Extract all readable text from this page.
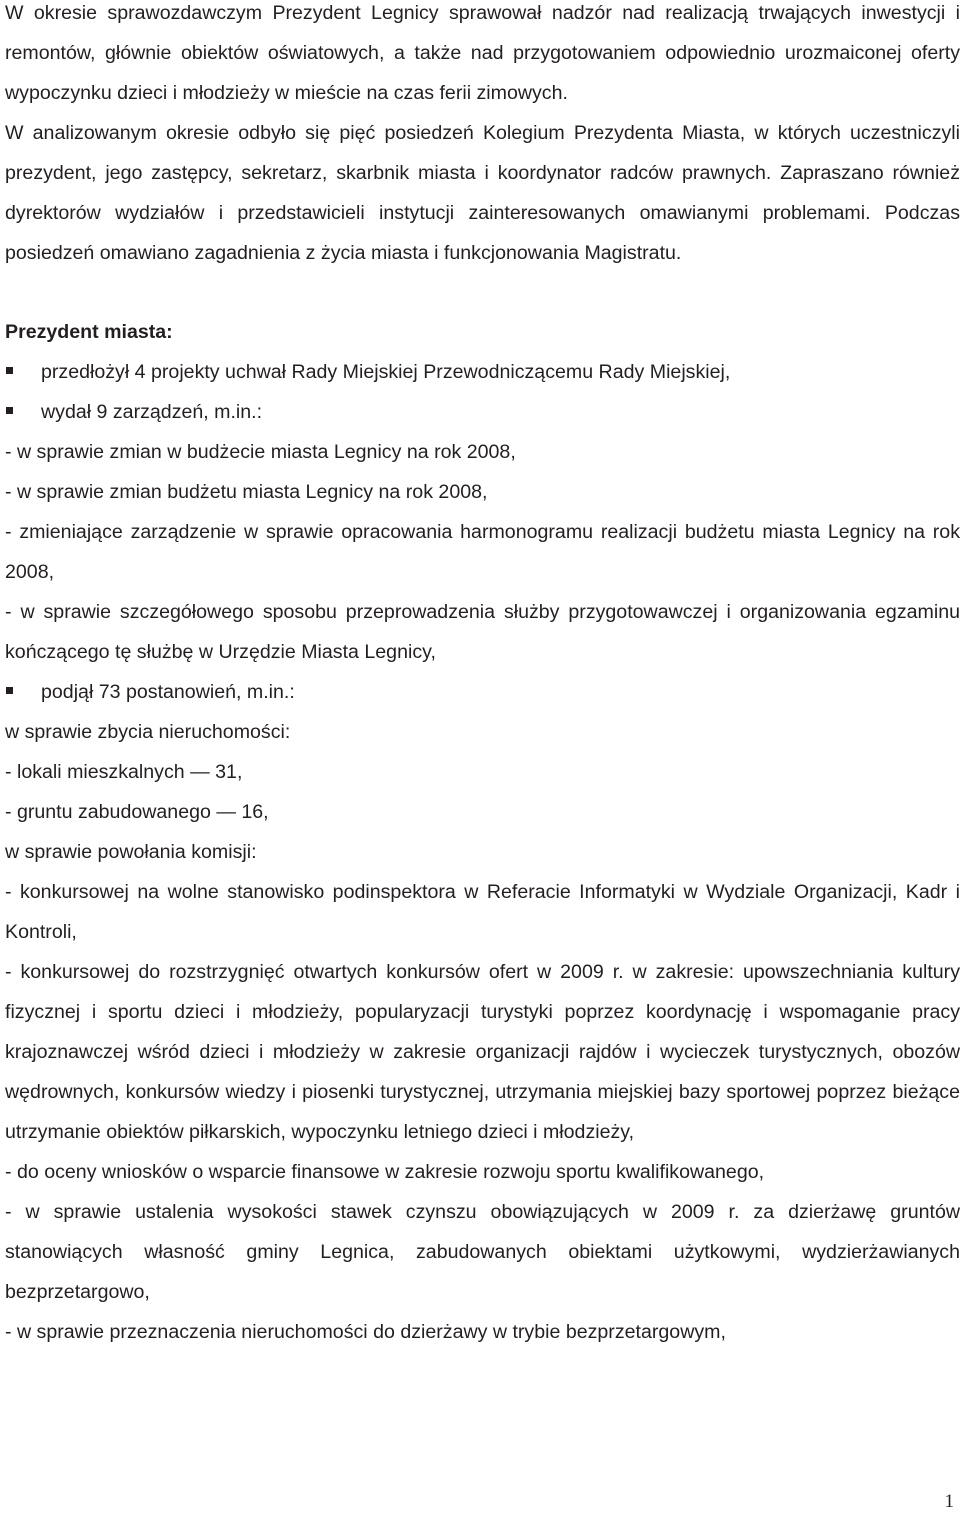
W okresie sprawozdawczym Prezydent Legnicy sprawował nadzór nad realizacją trwających inwestycji i remontów, głównie obiektów oświatowych, a także nad przygotowaniem odpowiednio urozmaiconej oferty wypoczynku dzieci i młodzieży w mieście na czas ferii zimowych.

W analizowanym okresie odbyło się pięć posiedzeń Kolegium Prezydenta Miasta, w których uczestniczyli prezydent, jego zastępcy, sekretarz, skarbnik miasta i koordynator radców prawnych. Zapraszano również dyrektorów wydziałów i przedstawicieli instytucji zainteresowanych omawianymi problemami. Podczas posiedzeń omawiano zagadnienia z życia miasta i funkcjonowania Magistratu.

Prezydent miasta:

przedłożył 4 projekty uchwał Rady Miejskiej Przewodniczącemu Rady Miejskiej,

wydał 9 zarządzeń, m.in.:

- w sprawie zmian w budżecie miasta Legnicy na rok 2008,

- w sprawie zmian budżetu miasta Legnicy na rok 2008,

- zmieniające zarządzenie w sprawie opracowania harmonogramu realizacji budżetu miasta Legnicy na rok 2008,

- w sprawie szczegółowego sposobu przeprowadzenia służby przygotowawczej i organizowania egzaminu kończącego tę służbę w Urzędzie Miasta Legnicy,

podjął 73 postanowień, m.in.:

w sprawie zbycia nieruchomości:

- lokali mieszkalnych — 31,

- gruntu zabudowanego — 16,

w sprawie powołania komisji:

- konkursowej na wolne stanowisko podinspektora w Referacie Informatyki w Wydziale Organizacji, Kadr i Kontroli,

- konkursowej do rozstrzygnięć otwartych konkursów ofert w 2009 r. w zakresie: upowszechniania kultury fizycznej i sportu dzieci i młodzieży, popularyzacji turystyki poprzez koordynację i wspomaganie pracy krajoznawczej wśród dzieci i młodzieży w zakresie organizacji rajdów i wycieczek turystycznych, obozów wędrownych, konkursów wiedzy i piosenki turystycznej, utrzymania miejskiej bazy sportowej poprzez bieżące utrzymanie obiektów piłkarskich, wypoczynku letniego dzieci i młodzieży,

- do oceny wniosków o wsparcie finansowe w zakresie rozwoju sportu kwalifikowanego,

- w sprawie ustalenia wysokości stawek czynszu obowiązujących w 2009 r. za dzierżawę gruntów stanowiących własność gminy Legnica, zabudowanych obiektami użytkowymi, wydzierżawianych bezprzetargowo,

- w sprawie przeznaczenia nieruchomości do dzierżawy w trybie bezprzetargowym,

1
